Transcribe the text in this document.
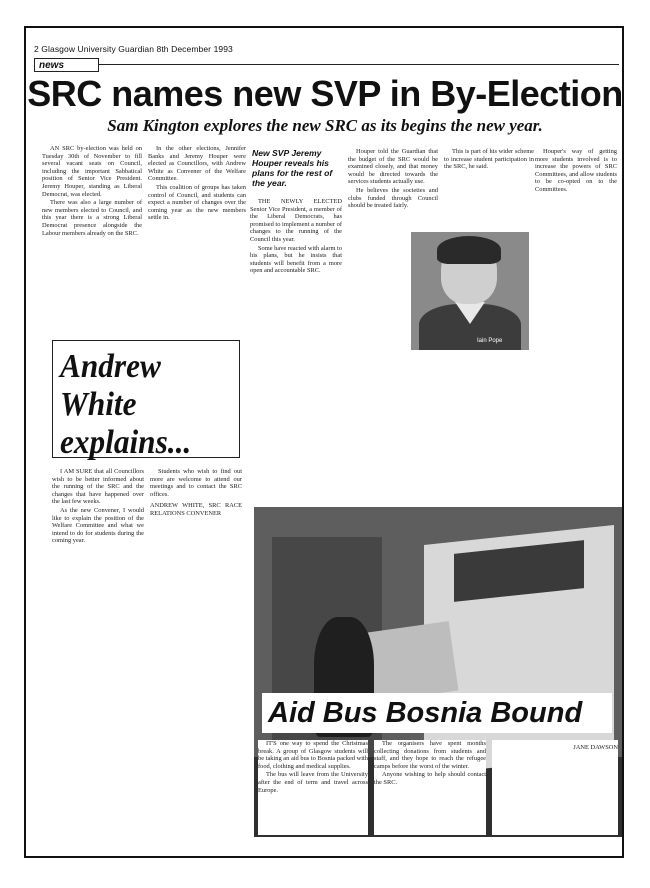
2 Glasgow University Guardian 8th December 1993
news
SRC names new SVP in By-Election
Sam Kington explores the new SRC as its begins the new year.

AN SRC by-election was held on Tuesday 30th of November to fill several vacant seats on Council, including the important Sabbatical position of Senior Vice President. Jeremy Houper, standing as Liberal Democrat, was elected.

There was also a large number of new members elected to Council, and this year there is a strong Liberal Democrat presence alongside the Labour members already on the SRC.

In the other elections, Jennifer Banks and Jeremy Houper were elected as Councillors, with Andrew White as Convener of the Welfare Committee.

This coalition of groups has taken control of Council, and students can expect a number of changes over the coming year as the new members settle in.

New SVP Jeremy Houper reveals his plans for the rest of the year.

THE NEWLY ELECTED Senior Vice President, a member of the Liberal Democrats, has promised to implement a number of changes to the running of the Council this year.

Some have reacted with alarm to his plans, but he insists that students will benefit from a more open and accountable SRC.

Houper told the Guardian that the budget of the SRC would be examined closely, and that money would be directed towards the services students actually use.

He believes the societies and clubs funded through Council should be treated fairly.

This is part of his wider scheme to increase student participation in the SRC, he said.

Houper's way of getting more students involved is to increase the powers of SRC Committees, and allow students to be co-opted on to the Committees.

Iain Pope
Andrew White explains...

I AM SURE that all Councillors wish to be better informed about the running of the SRC and the changes that have happened over the last few weeks.

As the new Convener, I would like to explain the position of the Welfare Committee and what we intend to do for students during the coming year.

Students who wish to find out more are welcome to attend our meetings and to contact the SRC offices.

ANDREW WHITE, SRC RACE RELATIONS CONVENER

Aid Bus Bosnia Bound

IT'S one way to spend the Christmas break. A group of Glasgow students will be taking an aid bus to Bosnia packed with food, clothing and medical supplies.

The bus will leave from the University after the end of term and travel across Europe.

The organisers have spent months collecting donations from students and staff, and they hope to reach the refugee camps before the worst of the winter.

Anyone wishing to help should contact the SRC.

JANE DAWSON
